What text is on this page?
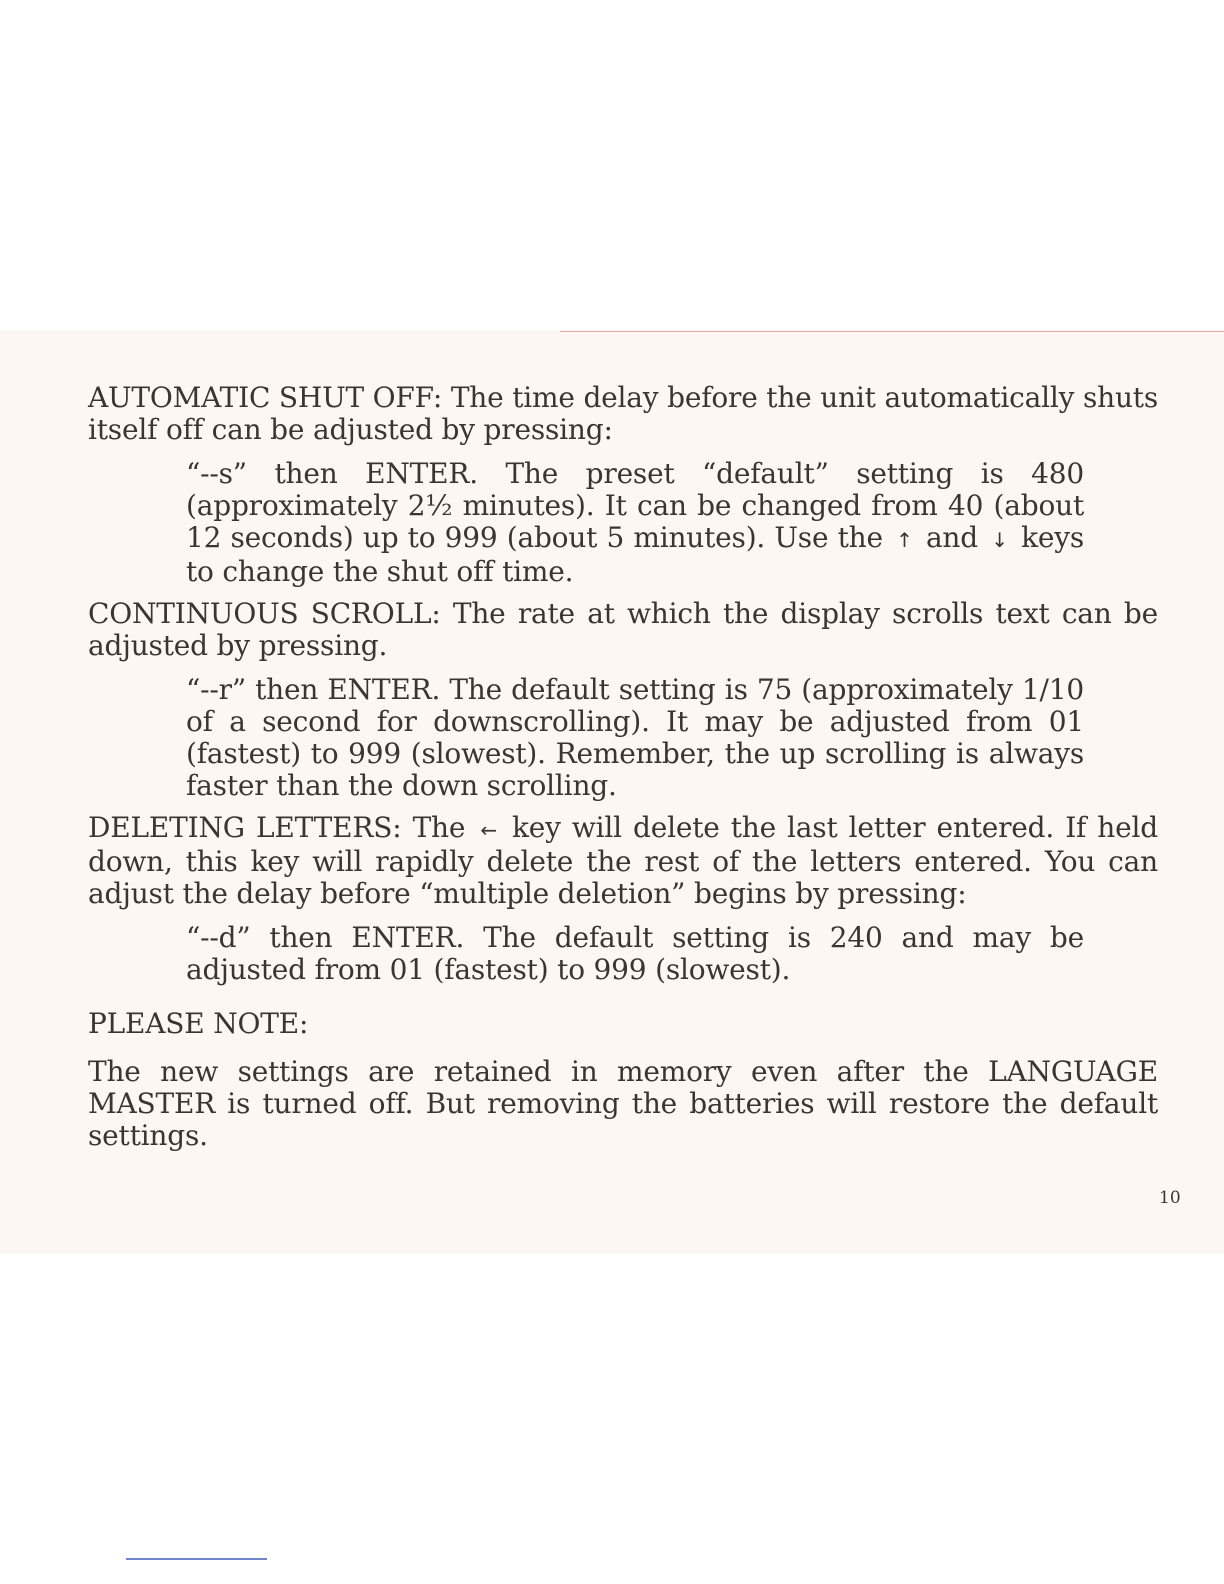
AUTOMATIC SHUT OFF: The time delay before the unit automatically shuts itself off can be adjusted by pressing:

“--s” then ENTER. The preset “default” setting is 480 (approximately 2½ minutes). It can be changed from 40 (about 12 seconds) up to 999 (about 5 minutes). Use the ↑ and ↓ keys to change the shut off time.

CONTINUOUS SCROLL: The rate at which the display scrolls text can be adjusted by pressing.

“--r” then ENTER. The default setting is 75 (approximately 1/10 of a second for downscrolling). It may be adjusted from 01 (fastest) to 999 (slowest). Remember, the up scrolling is always faster than the down scrolling.

DELETING LETTERS: The ← key will delete the last letter entered. If held down, this key will rapidly delete the rest of the letters entered. You can adjust the delay before “multiple deletion” begins by pressing:

“--d” then ENTER. The default setting is 240 and may be adjusted from 01 (fastest) to 999 (slowest).

PLEASE NOTE:

The new settings are retained in memory even after the LANGUAGE MASTER is turned off. But removing the batteries will restore the default settings.

10
